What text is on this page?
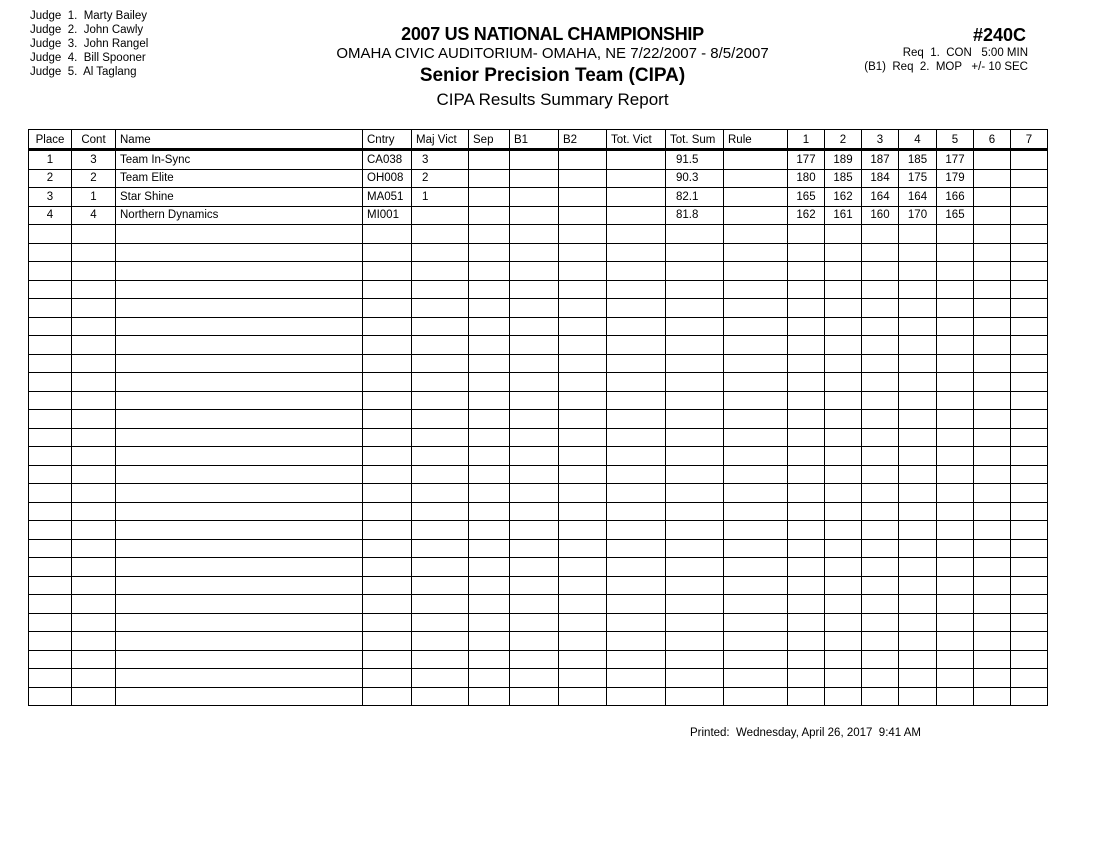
Judge  1.  Marty Bailey
Judge  2.  John Cawly
Judge  3.  John Rangel
Judge  4.  Bill Spooner
Judge  5.  Al Taglang
2007 US NATIONAL CHAMPIONSHIP
OMAHA CIVIC AUDITORIUM- OMAHA, NE 7/22/2007 - 8/5/2007
Senior Precision Team (CIPA)
CIPA Results Summary Report
#240C
Req  1.  CON   5:00 MIN
(B1)  Req  2.  MOP   +/- 10 SEC
Place	Cont	Name	Cntry	Maj Vict	Sep	B1	B2	Tot. Vict	Tot. Sum	Rule	1	2	3	4	5	6	7
1	3	Team In-Sync	CA038	3					91.5		177	189	187	185	177		
2	2	Team Elite	OH008	2					90.3		180	185	184	175	179		
3	1	Star Shine	MA051	1					82.1		165	162	164	164	166		
4	4	Northern Dynamics	MI001						81.8		162	161	160	170	165		

Printed:  Wednesday, April 26, 2017  9:41 AM
